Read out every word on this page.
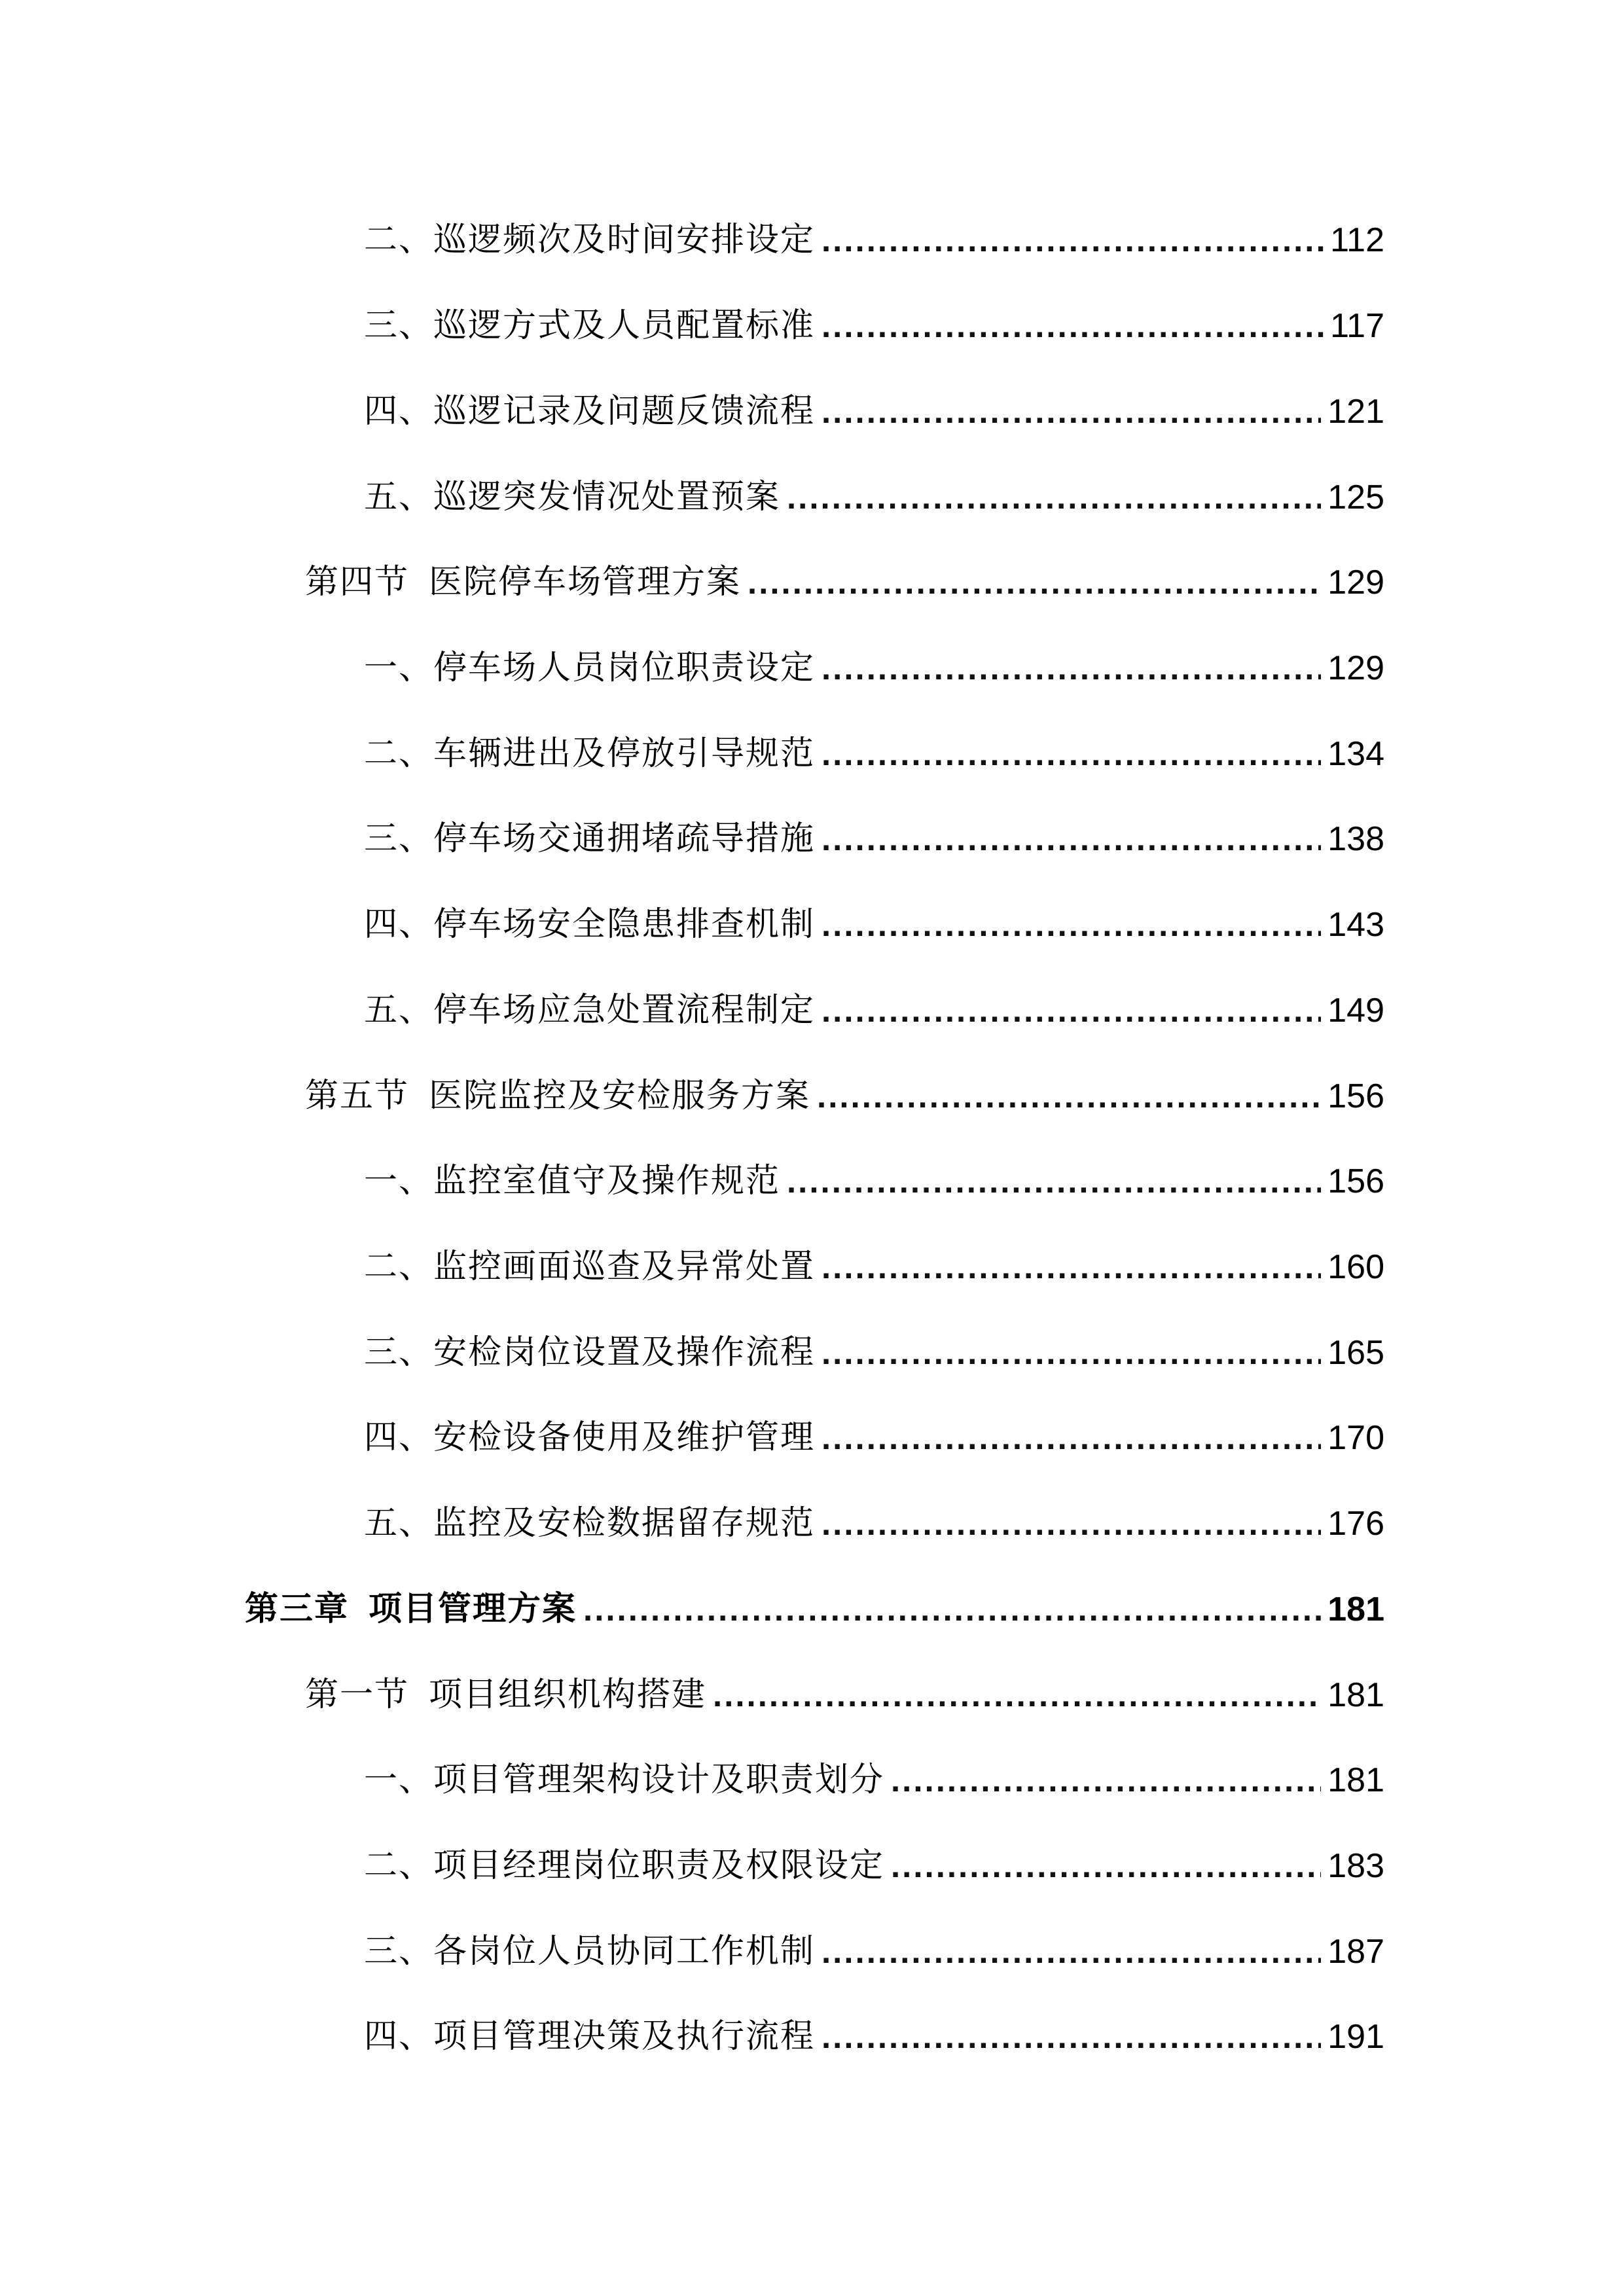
二、巡逻频次及时间安排设定 .....	112
三、巡逻方式及人员配置标准 .....	117
四、巡逻记录及问题反馈流程 .....	121
五、巡逻突发情况处置预案 .....	125
第四节 医院停车场管理方案 .....	129
一、停车场人员岗位职责设定 .....	129
二、车辆进出及停放引导规范 .....	134
三、停车场交通拥堵疏导措施 .....	138
四、停车场安全隐患排查机制 .....	143
五、停车场应急处置流程制定 .....	149
第五节 医院监控及安检服务方案 .....	156
一、监控室值守及操作规范 .....	156
二、监控画面巡查及异常处置 .....	160
三、安检岗位设置及操作流程 .....	165
四、安检设备使用及维护管理 .....	170
五、监控及安检数据留存规范 .....	176
第三章 项目管理方案 .....	181
第一节 项目组织机构搭建 .....	181
一、项目管理架构设计及职责划分 .....	181
二、项目经理岗位职责及权限设定 .....	183
三、各岗位人员协同工作机制 .....	187
四、项目管理决策及执行流程 .....	191
